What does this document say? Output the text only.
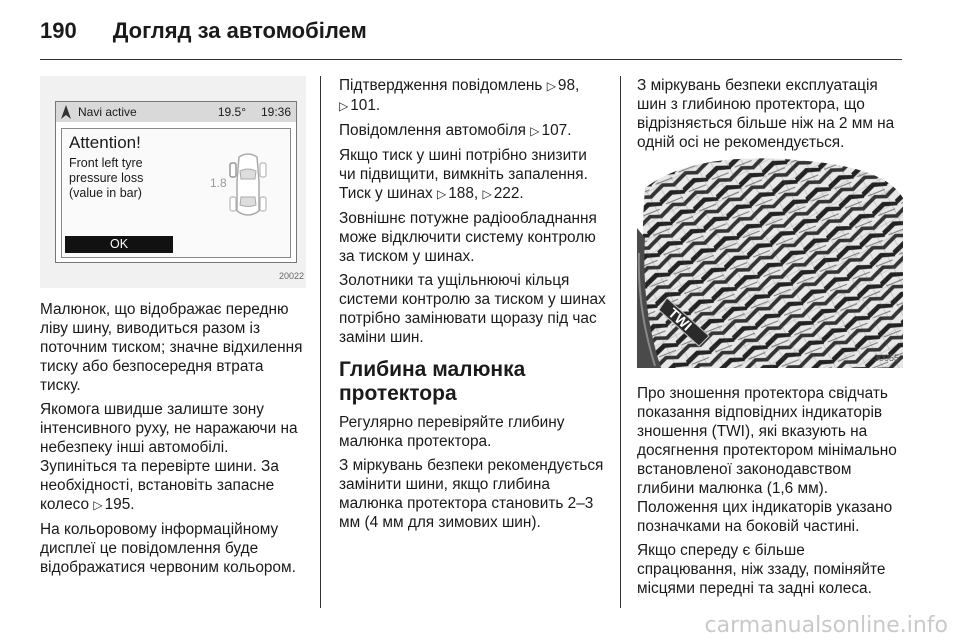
190 Догляд за автомобілем
Navi active	19.5° 19:36
Attention!
Front left tyre
pressure loss
(value in bar)
1.8
OK
20022

Малюнок, що відображає передню ліву шину, виводиться разом із поточним тиском; значне відхилення тиску або безпосередня втрата тиску.

Якомога швидше залиште зону інтенсивного руху, не наражаючи на небезпеку інші автомобілі. Зупиніться та перевірте шини. За необхідності, встановіть запасне колесо ▷ 195.

На кольоровому інформаційному дисплеї це повідомлення буде відображатися червоним кольором.

Підтвердження повідомлень ▷ 98,
▷ 101.

Повідомлення автомобіля ▷ 107.

Якщо тиск у шині потрібно знизити чи підвищити, вимкніть запалення. Тиск у шинах ▷ 188, ▷ 222.

Зовнішнє потужне радіообладнання може відключити систему контролю за тиском у шинах.

Золотники та ущільнюючі кільця системи контролю за тиском у шинах потрібно замінювати щоразу під час заміни шин.

Глибина малюнка протектора

Регулярно перевіряйте глибину малюнка протектора.

З міркувань безпеки рекомендується замінити шини, якщо глибина малюнка протектора становить 2–3 мм (4 мм для зимових шин).

З міркувань безпеки експлуатація шин з глибиною протектора, що відрізняється більше ніж на 2 мм на одній осі не рекомендується.

TWI
30055

Про зношення протектора свідчать показання відповідних індикаторів зношення (TWI), які вказують на досягнення протектором мінімально встановленої законодавством глибини малюнка (1,6 мм). Положення цих індикаторів указано позначками на боковій частині.

Якщо спереду є більше спрацювання, ніж ззаду, поміняйте місцями передні та задні колеса.

carmanualsonline.info
